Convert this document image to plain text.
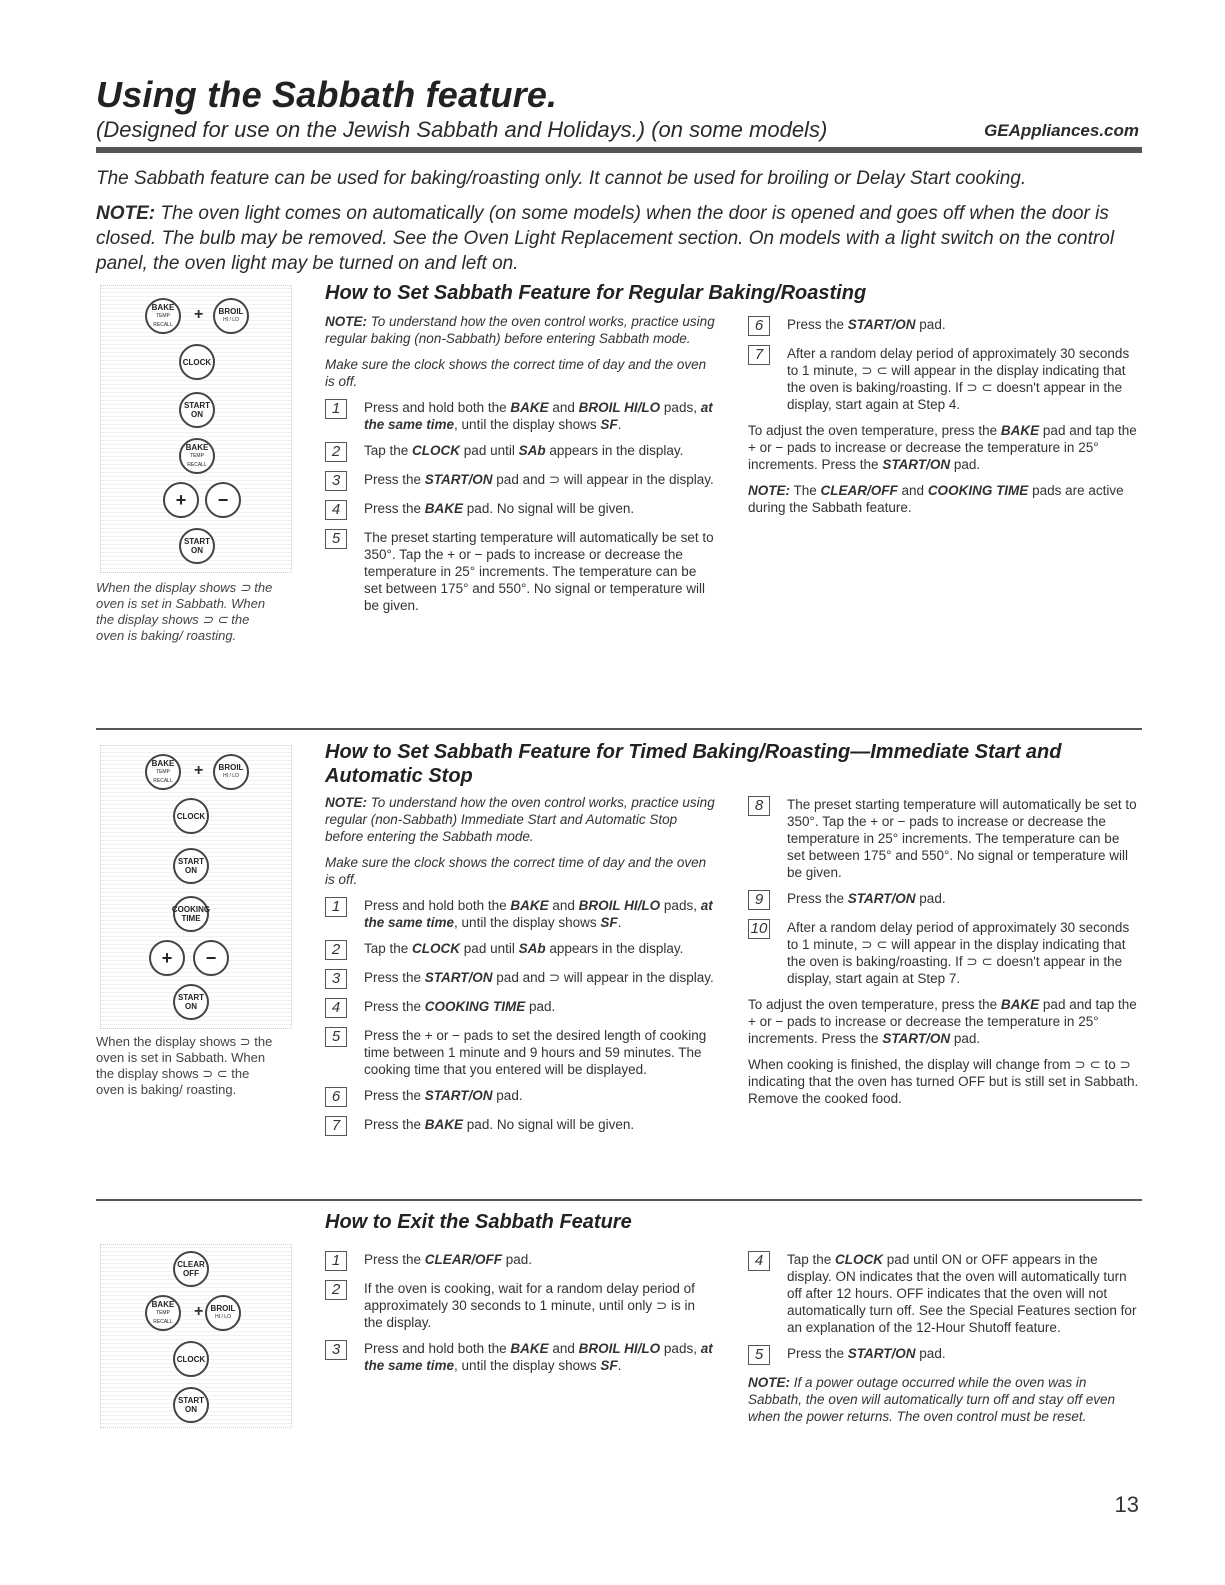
Using the Sabbath feature.
(Designed for use on the Jewish Sabbath and Holidays.) (on some models)	GEAppliances.com
The Sabbath feature can be used for baking/roasting only. It cannot be used for broiling or Delay Start cooking.
NOTE: The oven light comes on automatically (on some models) when the door is opened and goes off when the door is closed. The bulb may be removed. See the Oven Light Replacement section. On models with a light switch on the control panel, the oven light may be turned on and left on.
BAKE
TEMP RECALL
+ BROIL
HI / LO
CLOCK
START
ON
BAKE
TEMP RECALL
+ −
START
ON
When the display shows ⊃ the oven is set in Sabbath. When the display shows ⊃ ⊂ the oven is baking/ roasting.
How to Set Sabbath Feature for Regular Baking/Roasting

NOTE: To understand how the oven control works, practice using regular baking (non-Sabbath) before entering Sabbath mode.

Make sure the clock shows the correct time of day and the oven is off.

1	Press and hold both the BAKE and BROIL HI/LO pads, at the same time, until the display shows SF.
2	Tap the CLOCK pad until SAb appears in the display.
3	Press the START/ON pad and ⊃ will appear in the display.
4	Press the BAKE pad. No signal will be given.
5	The preset starting temperature will automatically be set to 350°. Tap the + or − pads to increase or decrease the temperature in 25° increments. The temperature can be set between 175° and 550°. No signal or temperature will be given.
6	Press the START/ON pad.
7	After a random delay period of approximately 30 seconds to 1 minute, ⊃ ⊂ will appear in the display indicating that the oven is baking/roasting. If ⊃ ⊂ doesn't appear in the display, start again at Step 4.

To adjust the oven temperature, press the BAKE pad and tap the + or − pads to increase or decrease the temperature in 25° increments. Press the START/ON pad.

NOTE: The CLEAR/OFF and COOKING TIME pads are active during the Sabbath feature.

BAKE
TEMP RECALL
+ BROIL
HI / LO
CLOCK
START
ON
COOKING
TIME
+ −
START
ON
When the display shows ⊃ the oven is set in Sabbath. When the display shows ⊃ ⊂ the oven is baking/ roasting.
How to Set Sabbath Feature for Timed Baking/Roasting—Immediate Start and Automatic Stop

NOTE: To understand how the oven control works, practice using regular (non-Sabbath) Immediate Start and Automatic Stop before entering the Sabbath mode.

Make sure the clock shows the correct time of day and the oven is off.

1	Press and hold both the BAKE and BROIL HI/LO pads, at the same time, until the display shows SF.
2	Tap the CLOCK pad until SAb appears in the display.
3	Press the START/ON pad and ⊃ will appear in the display.
4	Press the COOKING TIME pad.
5	Press the + or − pads to set the desired length of cooking time between 1 minute and 9 hours and 59 minutes. The cooking time that you entered will be displayed.
6	Press the START/ON pad.
7	Press the BAKE pad. No signal will be given.
8	The preset starting temperature will automatically be set to 350°. Tap the + or − pads to increase or decrease the temperature in 25° increments. The temperature can be set between 175° and 550°. No signal or temperature will be given.
9	Press the START/ON pad.
10 After a random delay period of approximately 30 seconds to 1 minute, ⊃ ⊂ will appear in the display indicating that the oven is baking/roasting. If ⊃ ⊂ doesn't appear in the display, start again at Step 7.

To adjust the oven temperature, press the BAKE pad and tap the + or − pads to increase or decrease the temperature in 25° increments. Press the START/ON pad.

When cooking is finished, the display will change from ⊃ ⊂ to ⊃ indicating that the oven has turned OFF but is still set in Sabbath. Remove the cooked food.

How to Exit the Sabbath Feature
CLEAR
OFF
BAKE
TEMP RECALL
+ BROIL
HI / LO
CLOCK
START
ON
1	Press the CLEAR/OFF pad.
2	If the oven is cooking, wait for a random delay period of approximately 30 seconds to 1 minute, until only ⊃ is in the display.
3	Press and hold both the BAKE and BROIL HI/LO pads, at the same time, until the display shows SF.
4	Tap the CLOCK pad until ON or OFF appears in the display. ON indicates that the oven will automatically turn off after 12 hours. OFF indicates that the oven will not automatically turn off. See the Special Features section for an explanation of the 12-Hour Shutoff feature.
5	Press the START/ON pad.

NOTE: If a power outage occurred while the oven was in Sabbath, the oven will automatically turn off and stay off even when the power returns. The oven control must be reset.

13
